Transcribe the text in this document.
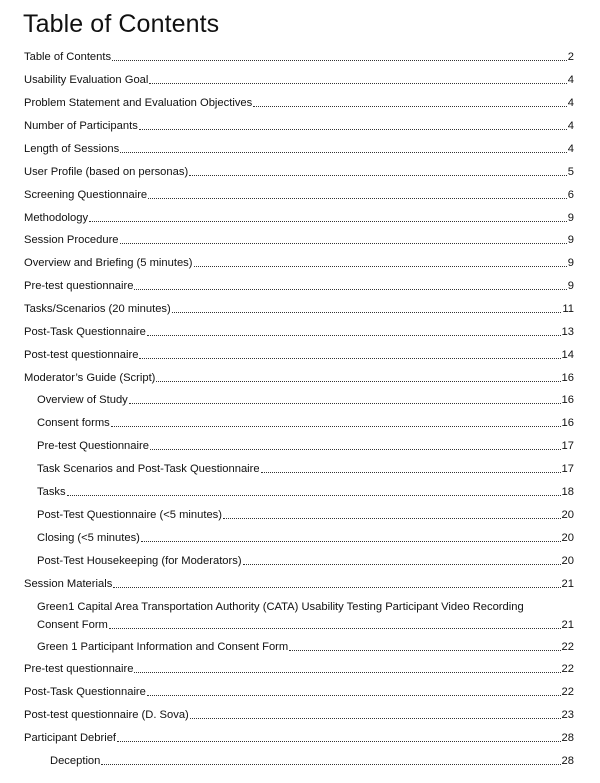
Table of Contents
Table of Contents	2
Usability Evaluation Goal	4
Problem Statement and Evaluation Objectives	4
Number of Participants	4
Length of Sessions	4
User Profile (based on personas)	5
Screening Questionnaire	6
Methodology	9
Session Procedure	9
Overview and Briefing (5 minutes)	9
Pre-test questionnaire	9
Tasks/Scenarios (20 minutes)	11
Post-Task Questionnaire	13
Post-test questionnaire	14
Moderator’s Guide (Script)	16
Overview of Study	16
Consent forms	16
Pre-test Questionnaire	17
Task Scenarios and Post-Task Questionnaire	17
Tasks	18
Post-Test Questionnaire (<5 minutes)	20
Closing (<5 minutes)	20
Post-Test Housekeeping (for Moderators)	20
Session Materials	21
Green1 Capital Area Transportation Authority (CATA) Usability Testing Participant Video Recording
Consent Form	21
Green 1 Participant Information and Consent Form	22
Pre-test questionnaire	22
Post-Task Questionnaire	22
Post-test questionnaire (D. Sova)	23
Participant Debrief	28
Deception	28
